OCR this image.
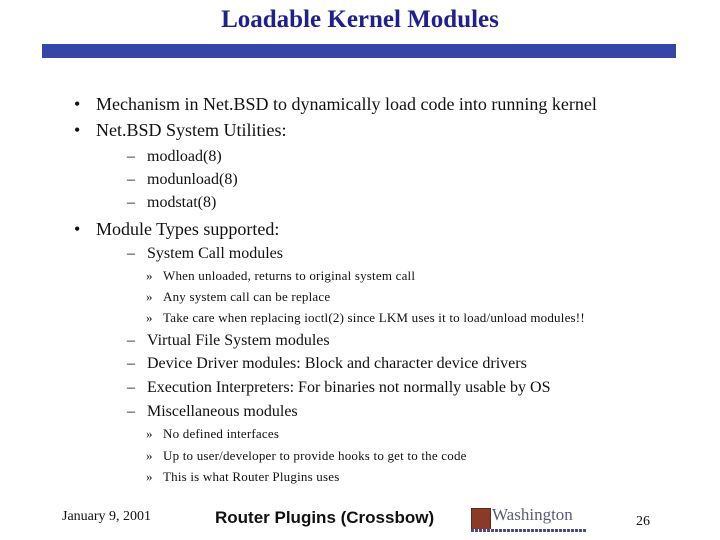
Loadable Kernel Modules
• Mechanism in Net.BSD to dynamically load code into running kernel
• Net.BSD System Utilities:
– modload(8)
– modunload(8)
– modstat(8)
• Module Types supported:
– System Call modules
» When unloaded, returns to original system call
» Any system call can be replace
» Take care when replacing ioctl(2) since LKM uses it to load/unload modules!!
– Virtual File System modules
– Device Driver modules: Block and character device drivers
– Execution Interpreters: For binaries not normally usable by OS
– Miscellaneous modules
» No defined interfaces
» Up to user/developer to provide hooks to get to the code
» This is what Router Plugins uses
January 9, 2001	Router Plugins (Crossbow)	Washington	26
